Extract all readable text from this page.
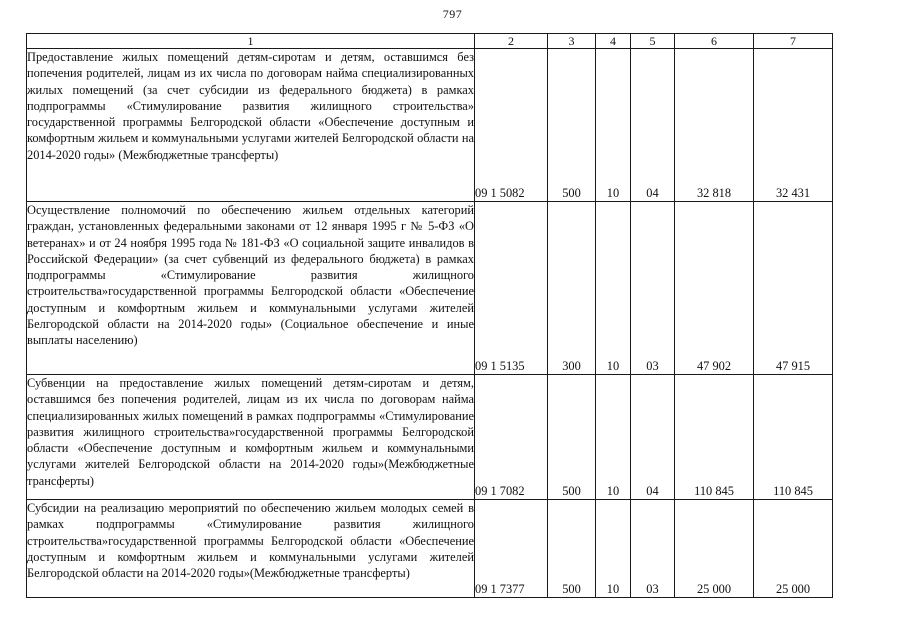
797
1	2	3	4	5	6	7
Предоставление жилых помещений детям-сиротам и детям, оставшимся без попечения родителей, лицам из их числа по договорам найма специализированных жилых помещений (за счет субсидии из федерального бюджета) в рамках подпрограммы «Стимулирование развития жилищного строительства» государственной программы Белгородской области «Обеспечение доступным и комфортным жильем и коммунальными услугами жителей Белгородской области на 2014-2020 годы» (Межбюджетные трансферты)	09 1 5082	500	10	04	32 818	32 431
Осуществление полномочий по обеспечению жильем отдельных категорий граждан, установленных федеральными законами от 12 января 1995 г № 5-ФЗ «О ветеранах» и от 24 ноября 1995 года № 181-ФЗ «О социальной защите инвалидов в Российской Федерации» (за счет субвенций из федерального бюджета) в рамках подпрограммы «Стимулирование развития жилищного строительства»государственной программы Белгородской области «Обеспечение доступным и комфортным жильем и коммунальными услугами жителей Белгородской области на 2014-2020 годы» (Социальное обеспечение и иные выплаты населению)	09 1 5135	300	10	03	47 902	47 915
Субвенции на предоставление жилых помещений детям-сиротам и детям, оставшимся без попечения родителей, лицам из их числа по договорам найма специализированных жилых помещений в рамках подпрограммы «Стимулирование развития жилищного строительства»государственной программы Белгородской области «Обеспечение доступным и комфортным жильем и коммунальными услугами жителей Белгородской области на 2014-2020 годы»(Межбюджетные трансферты)	09 1 7082	500	10	04	110 845	110 845
Субсидии на реализацию мероприятий по обеспечению жильем молодых семей в рамках подпрограммы «Стимулирование развития жилищного строительства»государственной программы Белгородской области «Обеспечение доступным и комфортным жильем и коммунальными услугами жителей Белгородской области на 2014-2020 годы»(Межбюджетные трансферты)	09 1 7377	500	10	03	25 000	25 000
